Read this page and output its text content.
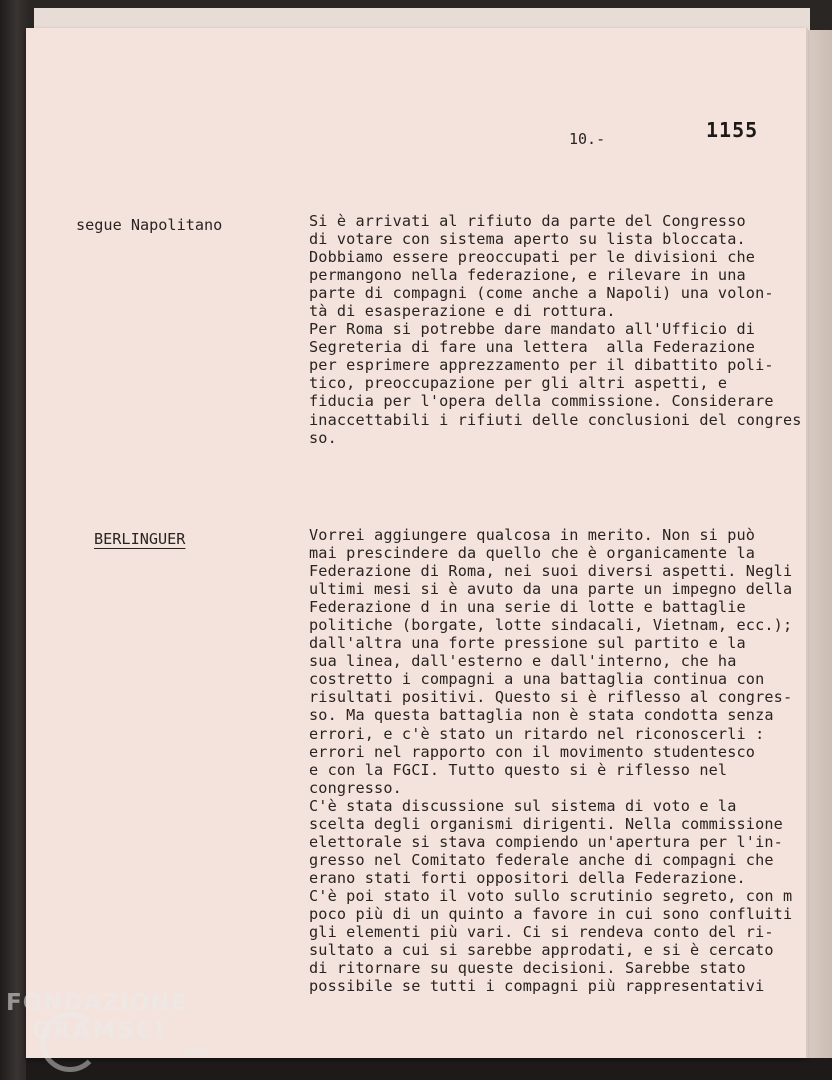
10.-	1155
segue Napolitano	Si è arrivati al rifiuto da parte del Congresso
di votare con sistema aperto su lista bloccata.
Dobbiamo essere preoccupati per le divisioni che
permangono nella federazione, e rilevare in una
parte di compagni (come anche a Napoli) una volon-
tà di esasperazione e di rottura.
Per Roma si potrebbe dare mandato all'Ufficio di
Segreteria di fare una lettera  alla Federazione
per esprimere apprezzamento per il dibattito poli-
tico, preoccupazione per gli altri aspetti, e
fiducia per l'opera della commissione. Considerare
inaccettabili i rifiuti delle conclusioni del congres
so.
BERLINGUER	Vorrei aggiungere qualcosa in merito. Non si può
mai prescindere da quello che è organicamente la
Federazione di Roma, nei suoi diversi aspetti. Negli
ultimi mesi si è avuto da una parte un impegno della
Federazione d in una serie di lotte e battaglie
politiche (borgate, lotte sindacali, Vietnam, ecc.);
dall'altra una forte pressione sul partito e la
sua linea, dall'esterno e dall'interno, che ha
costretto i compagni a una battaglia continua con
risultati positivi. Questo si è riflesso al congres-
so. Ma questa battaglia non è stata condotta senza
errori, e c'è stato un ritardo nel riconoscerli :
errori nel rapporto con il movimento studentesco
e con la FGCI. Tutto questo si è riflesso nel
congresso.
C'è stata discussione sul sistema di voto e la
scelta degli organismi dirigenti. Nella commissione
elettorale si stava compiendo un'apertura per l'in-
gresso nel Comitato federale anche di compagni che
erano stati forti oppositori della Federazione.
C'è poi stato il voto sullo scrutinio segreto, con m
poco più di un quinto a favore in cui sono confluiti
gli elementi più vari. Ci si rendeva conto del ri-
sultato a cui si sarebbe approdati, e si è cercato
di ritornare su queste decisioni. Sarebbe stato
possibile se tutti i compagni più rappresentativi
FONDAZIONE
GRAMSCI
onlus
